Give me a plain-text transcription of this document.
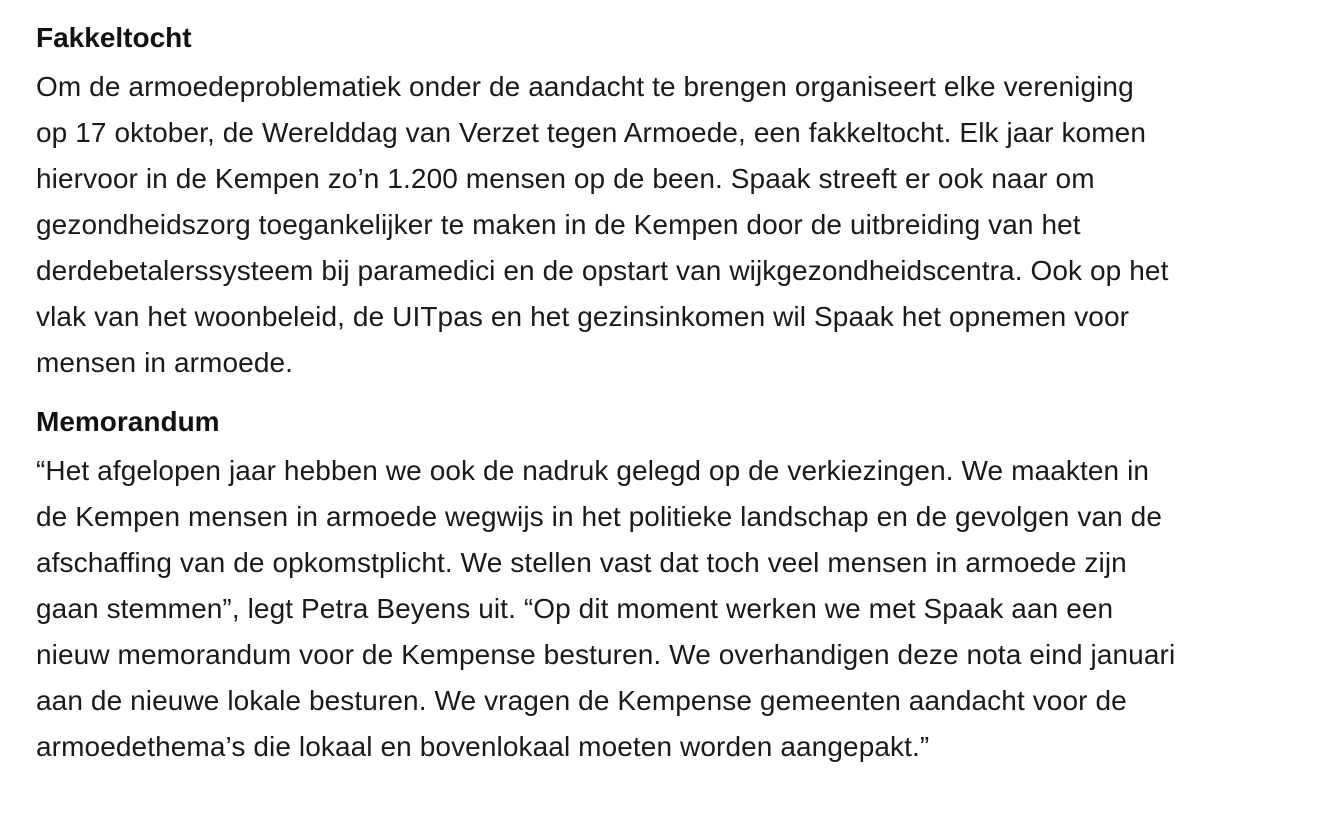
Fakkeltocht

Om de armoedeproblematiek onder de aandacht te brengen organiseert elke vereniging
op 17 oktober, de Werelddag van Verzet tegen Armoede, een fakkeltocht. Elk jaar komen
hiervoor in de Kempen zo’n 1.200 mensen op de been. Spaak streeft er ook naar om
gezondheidszorg toegankelijker te maken in de Kempen door de uitbreiding van het
derdebetalerssysteem bij paramedici en de opstart van wijkgezondheidscentra. Ook op het
vlak van het woonbeleid, de UITpas en het gezinsinkomen wil Spaak het opnemen voor
mensen in armoede.

Memorandum

“Het afgelopen jaar hebben we ook de nadruk gelegd op de verkiezingen. We maakten in
de Kempen mensen in armoede wegwijs in het politieke landschap en de gevolgen van de
afschaffing van de opkomstplicht. We stellen vast dat toch veel mensen in armoede zijn
gaan stemmen”, legt Petra Beyens uit. “Op dit moment werken we met Spaak aan een
nieuw memorandum voor de Kempense besturen. We overhandigen deze nota eind januari
aan de nieuwe lokale besturen. We vragen de Kempense gemeenten aandacht voor de
armoedethema’s die lokaal en bovenlokaal moeten worden aangepakt.”
